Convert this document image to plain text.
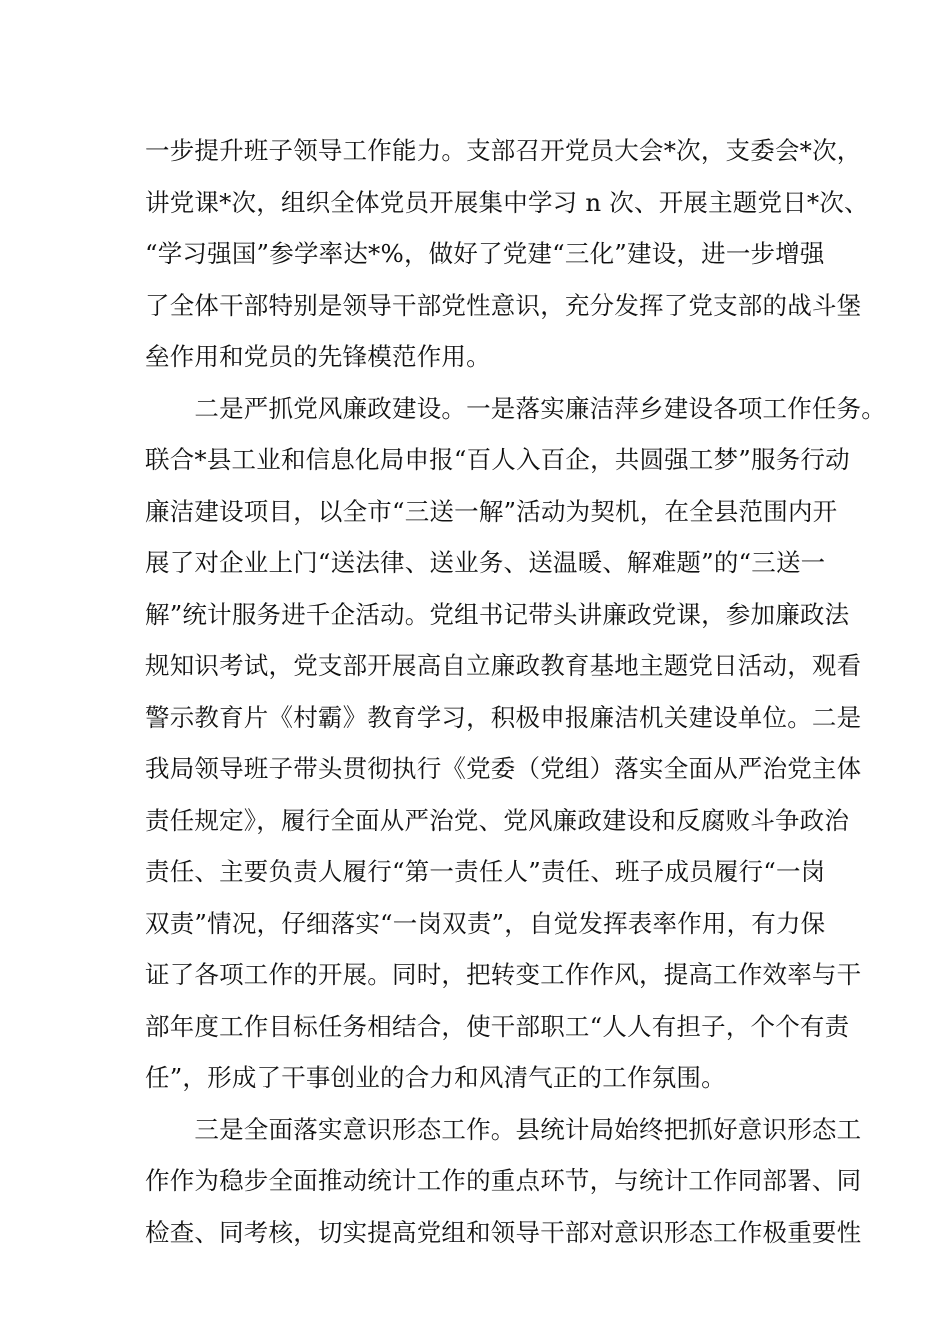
一步提升班子领导工作能力。支部召开党员大会*次，支委会*次，
讲党课*次，组织全体党员开展集中学习 n 次、开展主题党日*次、
“学习强国”参学率达*%，做好了党建“三化”建设，进一步增强
了全体干部特别是领导干部党性意识，充分发挥了党支部的战斗堡
垒作用和党员的先锋模范作用。
　　二是严抓党风廉政建设。一是落实廉洁萍乡建设各项工作任务。
联合*县工业和信息化局申报“百人入百企，共圆强工梦”服务行动
廉洁建设项目，以全市“三送一解”活动为契机，在全县范围内开
展了对企业上门“送法律、送业务、送温暖、解难题”的“三送一
解”统计服务进千企活动。党组书记带头讲廉政党课，参加廉政法
规知识考试，党支部开展高自立廉政教育基地主题党日活动，观看
警示教育片《村霸》教育学习，积极申报廉洁机关建设单位。二是
我局领导班子带头贯彻执行《党委（党组）落实全面从严治党主体
责任规定》，履行全面从严治党、党风廉政建设和反腐败斗争政治
责任、主要负责人履行“第一责任人”责任、班子成员履行“一岗
双责”情况，仔细落实“一岗双责”，自觉发挥表率作用，有力保
证了各项工作的开展。同时，把转变工作作风，提高工作效率与干
部年度工作目标任务相结合，使干部职工“人人有担子，个个有责
任”，形成了干事创业的合力和风清气正的工作氛围。
　　三是全面落实意识形态工作。县统计局始终把抓好意识形态工
作作为稳步全面推动统计工作的重点环节，与统计工作同部署、同
检查、同考核，切实提高党组和领导干部对意识形态工作极重要性
